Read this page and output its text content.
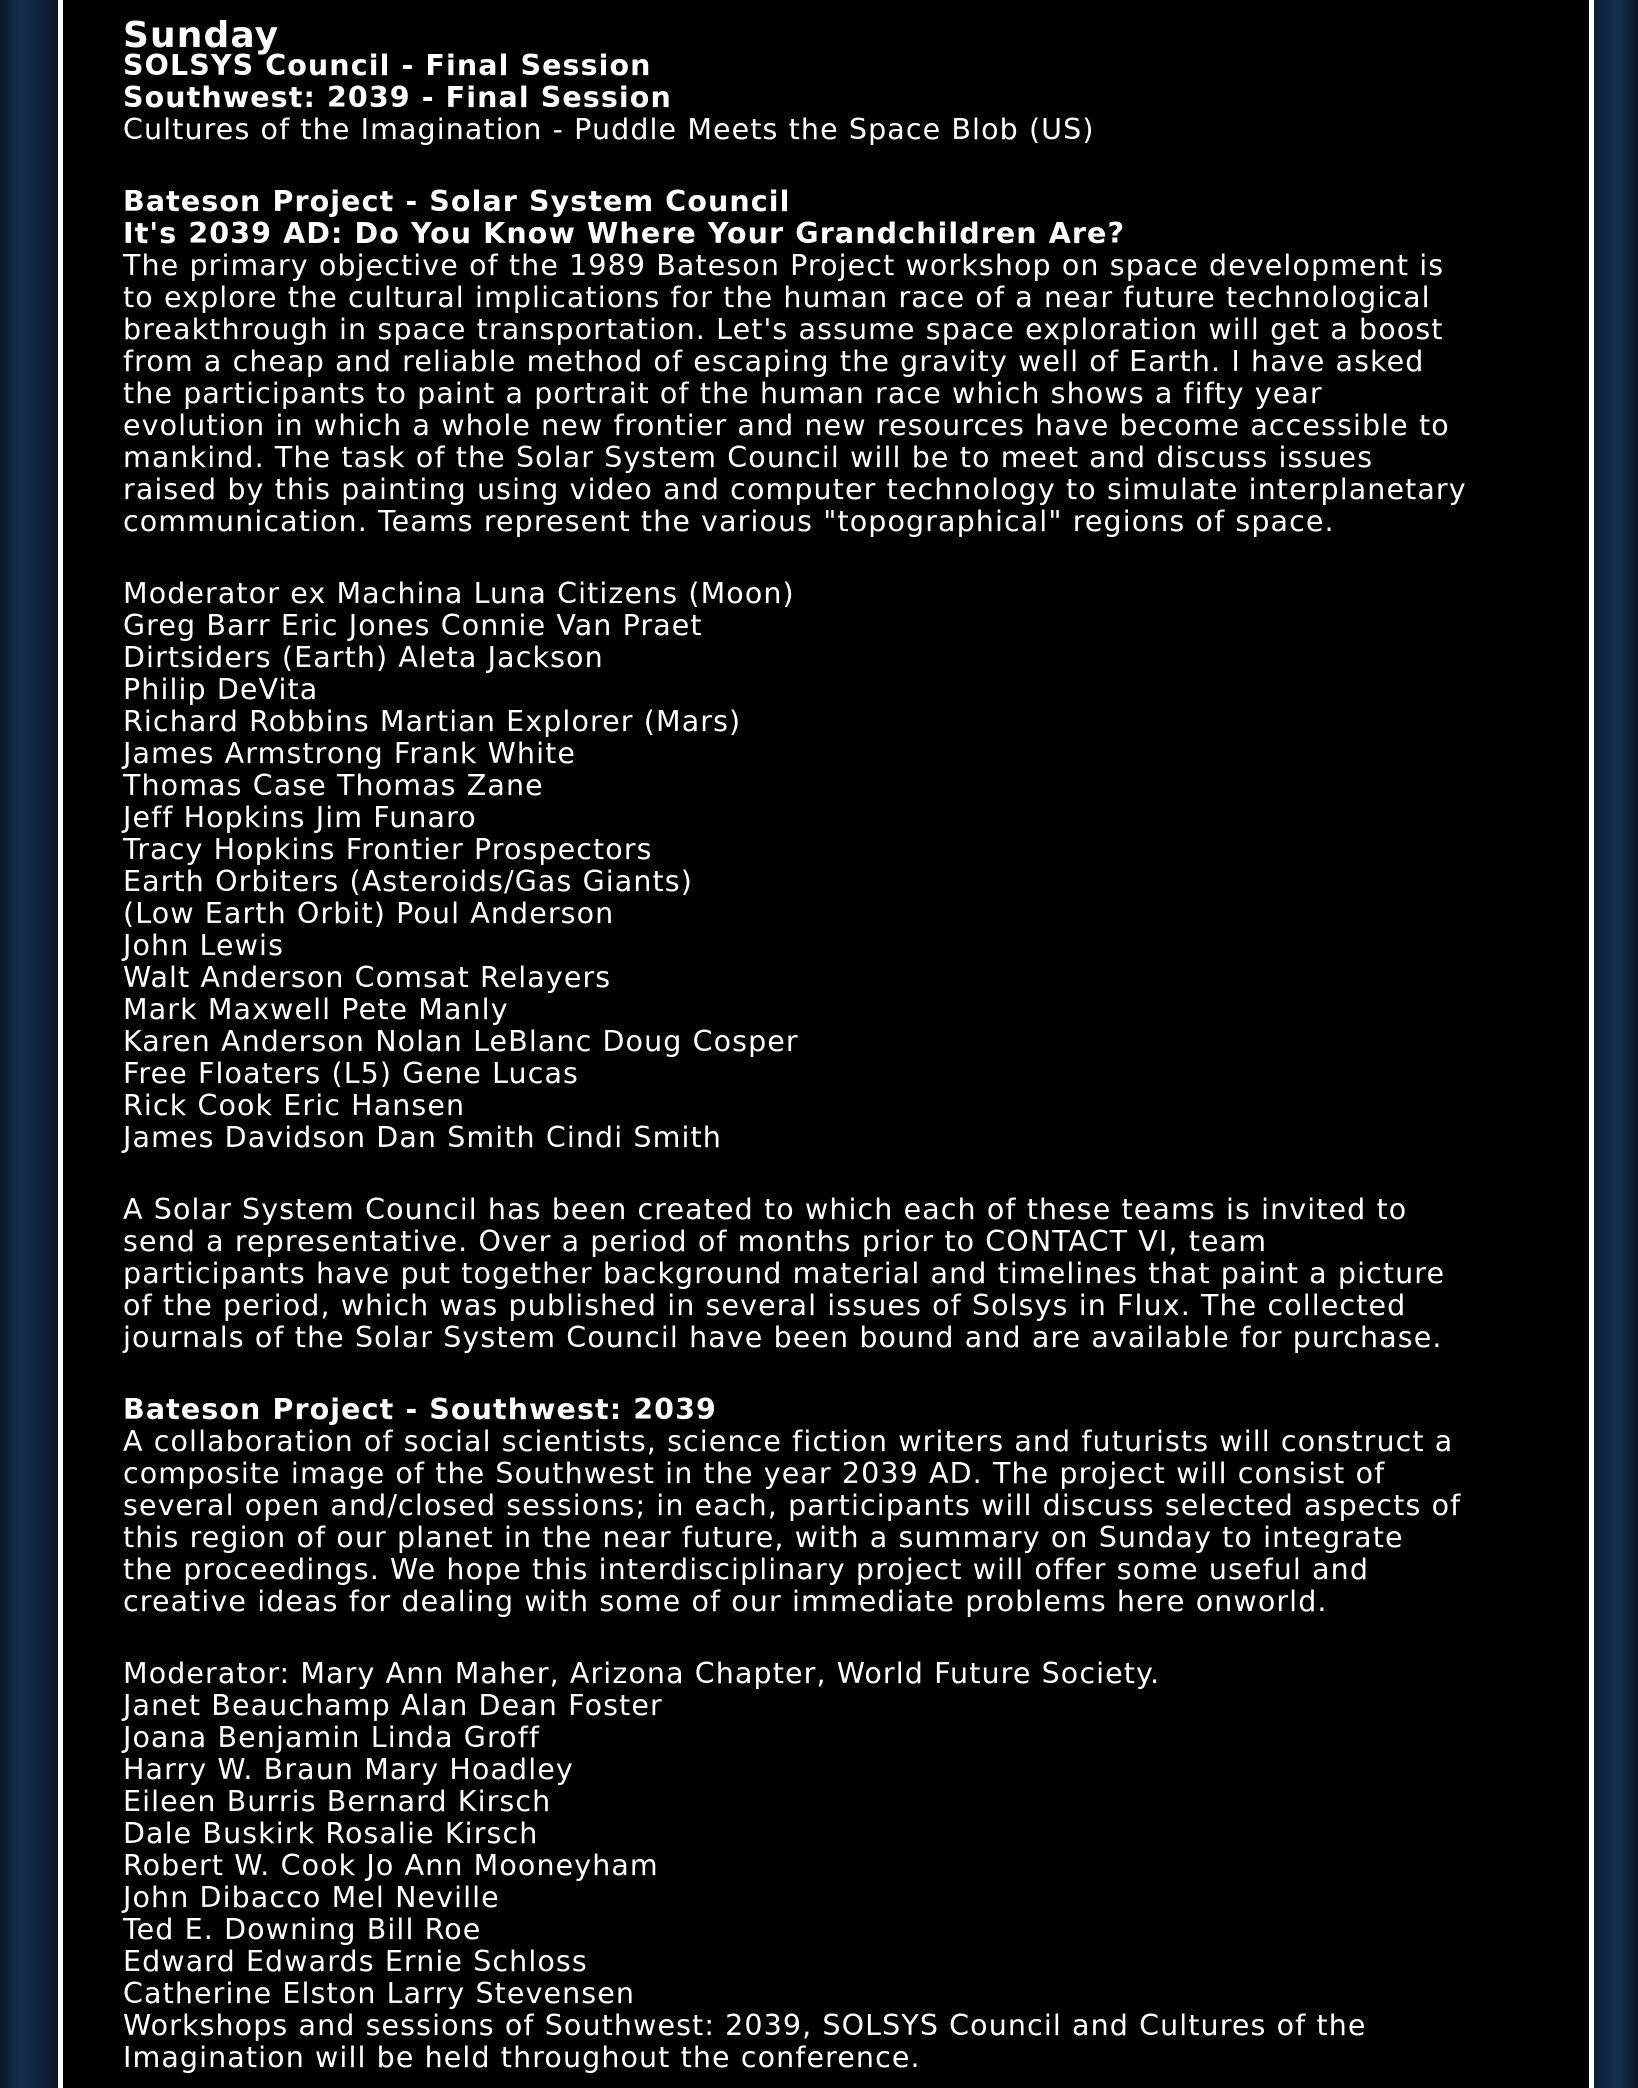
Sunday
SOLSYS Council - Final Session
Southwest: 2039 - Final Session
Cultures of the Imagination - Puddle Meets the Space Blob (US)
Bateson Project - Solar System Council
It's 2039 AD: Do You Know Where Your Grandchildren Are?
The primary objective of the 1989 Bateson Project workshop on space development is
to explore the cultural implications for the human race of a near future technological
breakthrough in space transportation. Let's assume space exploration will get a boost
from a cheap and reliable method of escaping the gravity well of Earth. I have asked
the participants to paint a portrait of the human race which shows a fifty year
evolution in which a whole new frontier and new resources have become accessible to
mankind. The task of the Solar System Council will be to meet and discuss issues
raised by this painting using video and computer technology to simulate interplanetary
communication. Teams represent the various "topographical" regions of space.
Moderator ex Machina Luna Citizens (Moon)
Greg Barr Eric Jones Connie Van Praet
Dirtsiders (Earth) Aleta Jackson
Philip DeVita
Richard Robbins Martian Explorer (Mars)
James Armstrong Frank White
Thomas Case Thomas Zane
Jeff Hopkins Jim Funaro
Tracy Hopkins Frontier Prospectors
Earth Orbiters (Asteroids/Gas Giants)
(Low Earth Orbit) Poul Anderson
John Lewis
Walt Anderson Comsat Relayers
Mark Maxwell Pete Manly
Karen Anderson Nolan LeBlanc Doug Cosper
Free Floaters (L5) Gene Lucas
Rick Cook Eric Hansen
James Davidson Dan Smith Cindi Smith
A Solar System Council has been created to which each of these teams is invited to
send a representative. Over a period of months prior to CONTACT VI, team
participants have put together background material and timelines that paint a picture
of the period, which was published in several issues of Solsys in Flux. The collected
journals of the Solar System Council have been bound and are available for purchase.
Bateson Project - Southwest: 2039
A collaboration of social scientists, science fiction writers and futurists will construct a
composite image of the Southwest in the year 2039 AD. The project will consist of
several open and/closed sessions; in each, participants will discuss selected aspects of
this region of our planet in the near future, with a summary on Sunday to integrate
the proceedings. We hope this interdisciplinary project will offer some useful and
creative ideas for dealing with some of our immediate problems here onworld.
Moderator: Mary Ann Maher, Arizona Chapter, World Future Society.
Janet Beauchamp Alan Dean Foster
Joana Benjamin Linda Groff
Harry W. Braun Mary Hoadley
Eileen Burris Bernard Kirsch
Dale Buskirk Rosalie Kirsch
Robert W. Cook Jo Ann Mooneyham
John Dibacco Mel Neville
Ted E. Downing Bill Roe
Edward Edwards Ernie Schloss
Catherine Elston Larry Stevensen
Workshops and sessions of Southwest: 2039, SOLSYS Council and Cultures of the
Imagination will be held throughout the conference.
